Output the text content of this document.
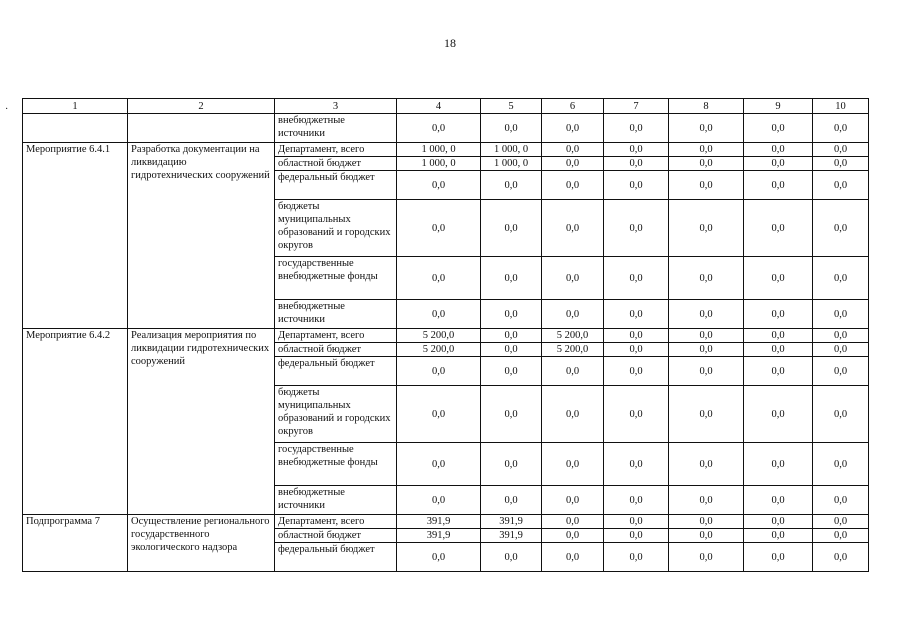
18
·	1	2	3	4	5	6	7	8	9	10
		внебюджетные источники	0,0	0,0	0,0	0,0	0,0	0,0	0,0
Мероприятие 6.4.1	Разработка документации на ликвидацию гидротехнических сооружений	Департамент, всего	1 000, 0	1 000, 0	0,0	0,0	0,0	0,0	0,0
		областной бюджет	1 000, 0	1 000, 0	0,0	0,0	0,0	0,0	0,0
		федеральный бюджет	0,0	0,0	0,0	0,0	0,0	0,0	0,0
		бюджеты муниципальных образований и городских округов	0,0	0,0	0,0	0,0	0,0	0,0	0,0
		государственные внебюджетные фонды	0,0	0,0	0,0	0,0	0,0	0,0	0,0
		внебюджетные источники	0,0	0,0	0,0	0,0	0,0	0,0	0,0
Мероприятие 6.4.2	Реализация мероприятия по ликвидации гидротехнических сооружений	Департамент, всего	5 200,0	0,0	5 200,0	0,0	0,0	0,0	0,0
		областной бюджет	5 200,0	0,0	5 200,0	0,0	0,0	0,0	0,0
		федеральный бюджет	0,0	0,0	0,0	0,0	0,0	0,0	0,0
		бюджеты муниципальных образований и городских округов	0,0	0,0	0,0	0,0	0,0	0,0	0,0
		государственные внебюджетные фонды	0,0	0,0	0,0	0,0	0,0	0,0	0,0
		внебюджетные источники	0,0	0,0	0,0	0,0	0,0	0,0	0,0
Подпрограмма 7	Осуществление регионального государственного экологического надзора	Департамент, всего	391,9	391,9	0,0	0,0	0,0	0,0	0,0
		областной бюджет	391,9	391,9	0,0	0,0	0,0	0,0	0,0
		федеральный бюджет	0,0	0,0	0,0	0,0	0,0	0,0	0,0
